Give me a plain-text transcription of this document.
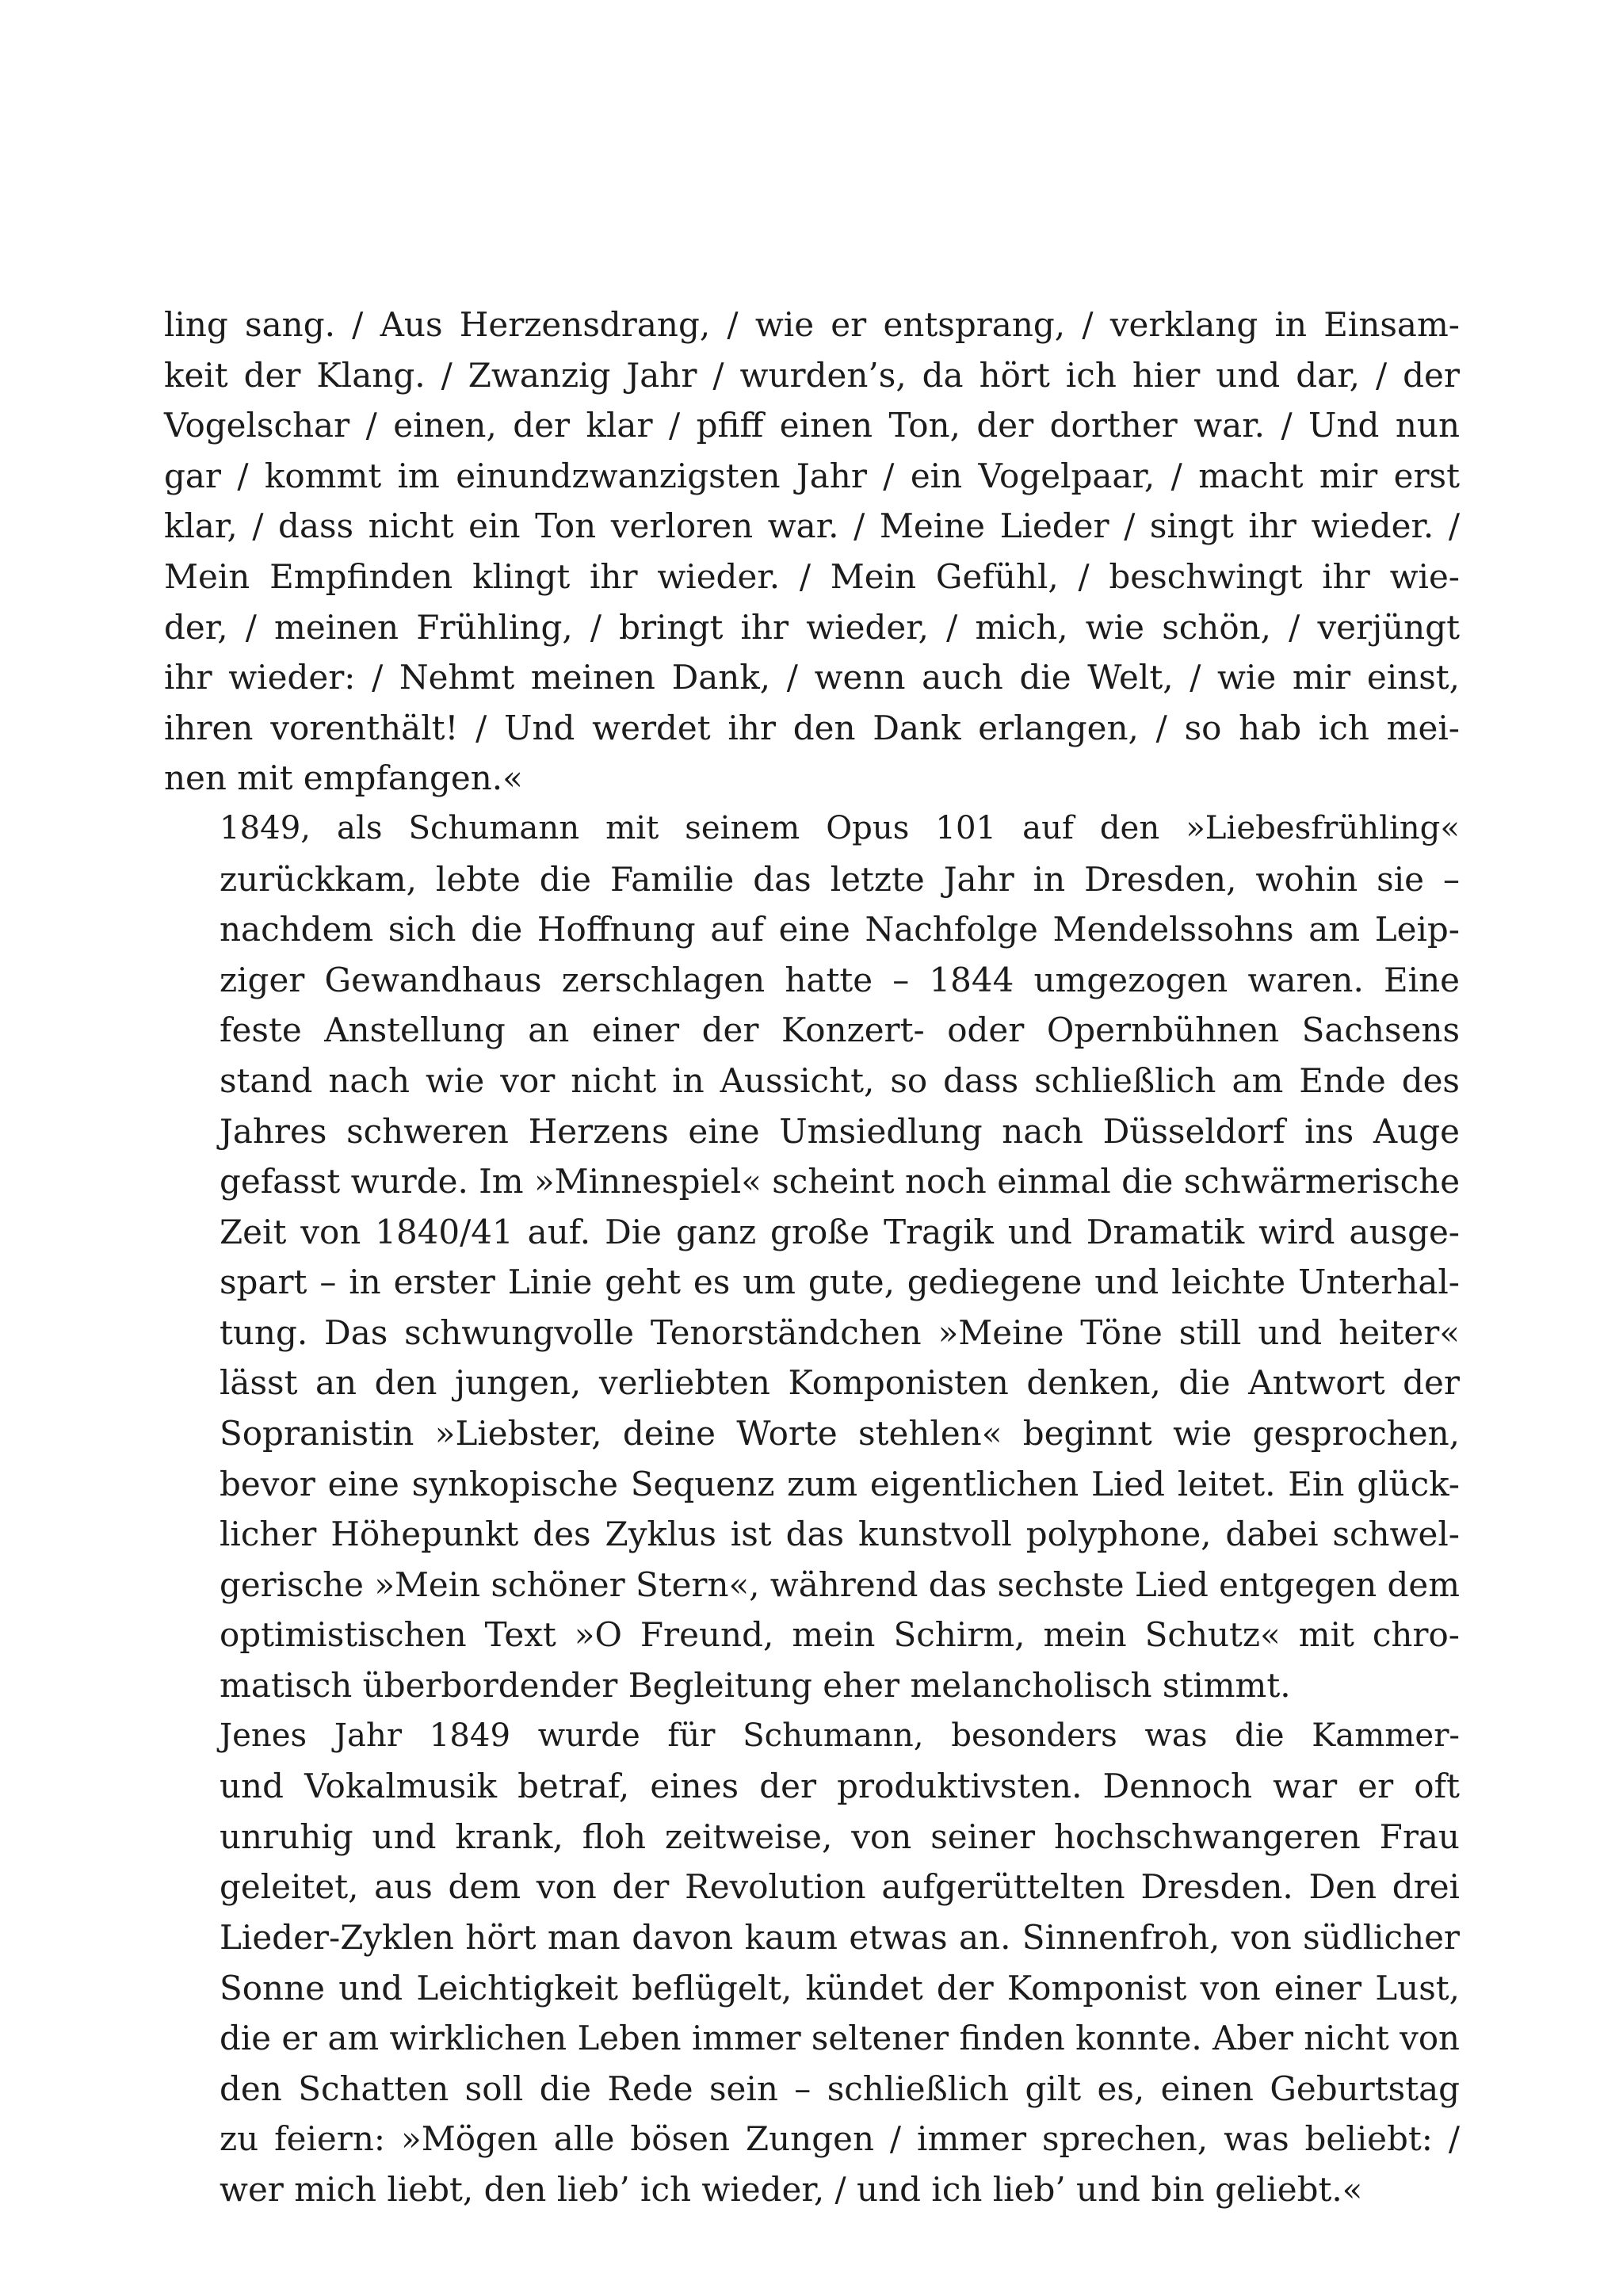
ling sang. / Aus Herzensdrang, / wie er entsprang, / verklang in Einsam-
keit der Klang. / Zwanzig Jahr / wurden’s, da hört ich hier und dar, / der
Vogelschar / einen, der klar / pfiff einen Ton, der dorther war. / Und nun
gar / kommt im einundzwanzigsten Jahr / ein Vogelpaar, / macht mir erst
klar, / dass nicht ein Ton verloren war. / Meine Lieder / singt ihr wieder. /
Mein Empfinden klingt ihr wieder. / Mein Gefühl, / beschwingt ihr wie-
der, / meinen Frühling, / bringt ihr wieder, / mich, wie schön, / verjüngt
ihr wieder: / Nehmt meinen Dank, / wenn auch die Welt, / wie mir einst,
ihren vorenthält! / Und werdet ihr den Dank erlangen, / so hab ich mei-
nen mit empfangen.«

1849, als Schumann mit seinem Opus 101 auf den »Liebesfrühling«
zurückkam, lebte die Familie das letzte Jahr in Dresden, wohin sie –
nachdem sich die Hoffnung auf eine Nachfolge Mendelssohns am Leip-
ziger Gewandhaus zerschlagen hatte – 1844 umgezogen waren. Eine
feste Anstellung an einer der Konzert- oder Opernbühnen Sachsens
stand nach wie vor nicht in Aussicht, so dass schließlich am Ende des
Jahres schweren Herzens eine Umsiedlung nach Düsseldorf ins Auge
gefasst wurde. Im »Minnespiel« scheint noch einmal die schwärmerische
Zeit von 1840/41 auf. Die ganz große Tragik und Dramatik wird ausge-
spart – in erster Linie geht es um gute, gediegene und leichte Unterhal-
tung. Das schwungvolle Tenorständchen »Meine Töne still und heiter«
lässt an den jungen, verliebten Komponisten denken, die Antwort der
Sopranistin »Liebster, deine Worte stehlen« beginnt wie gesprochen,
bevor eine synkopische Sequenz zum eigentlichen Lied leitet. Ein glück-
licher Höhepunkt des Zyklus ist das kunstvoll polyphone, dabei schwel-
gerische »Mein schöner Stern«, während das sechste Lied entgegen dem
optimistischen Text »O Freund, mein Schirm, mein Schutz« mit chro-
matisch überbordender Begleitung eher melancholisch stimmt.

Jenes Jahr 1849 wurde für Schumann, besonders was die Kammer-
und Vokalmusik betraf, eines der produktivsten. Dennoch war er oft
unruhig und krank, floh zeitweise, von seiner hochschwangeren Frau
geleitet, aus dem von der Revolution aufgerüttelten Dresden. Den drei
Lieder-Zyklen hört man davon kaum etwas an. Sinnenfroh, von südlicher
Sonne und Leichtigkeit beflügelt, kündet der Komponist von einer Lust,
die er am wirklichen Leben immer seltener finden konnte. Aber nicht von
den Schatten soll die Rede sein – schließlich gilt es, einen Geburtstag
zu feiern: »Mögen alle bösen Zungen / immer sprechen, was beliebt: /
wer mich liebt, den lieb’ ich wieder, / und ich lieb’ und bin geliebt.«
